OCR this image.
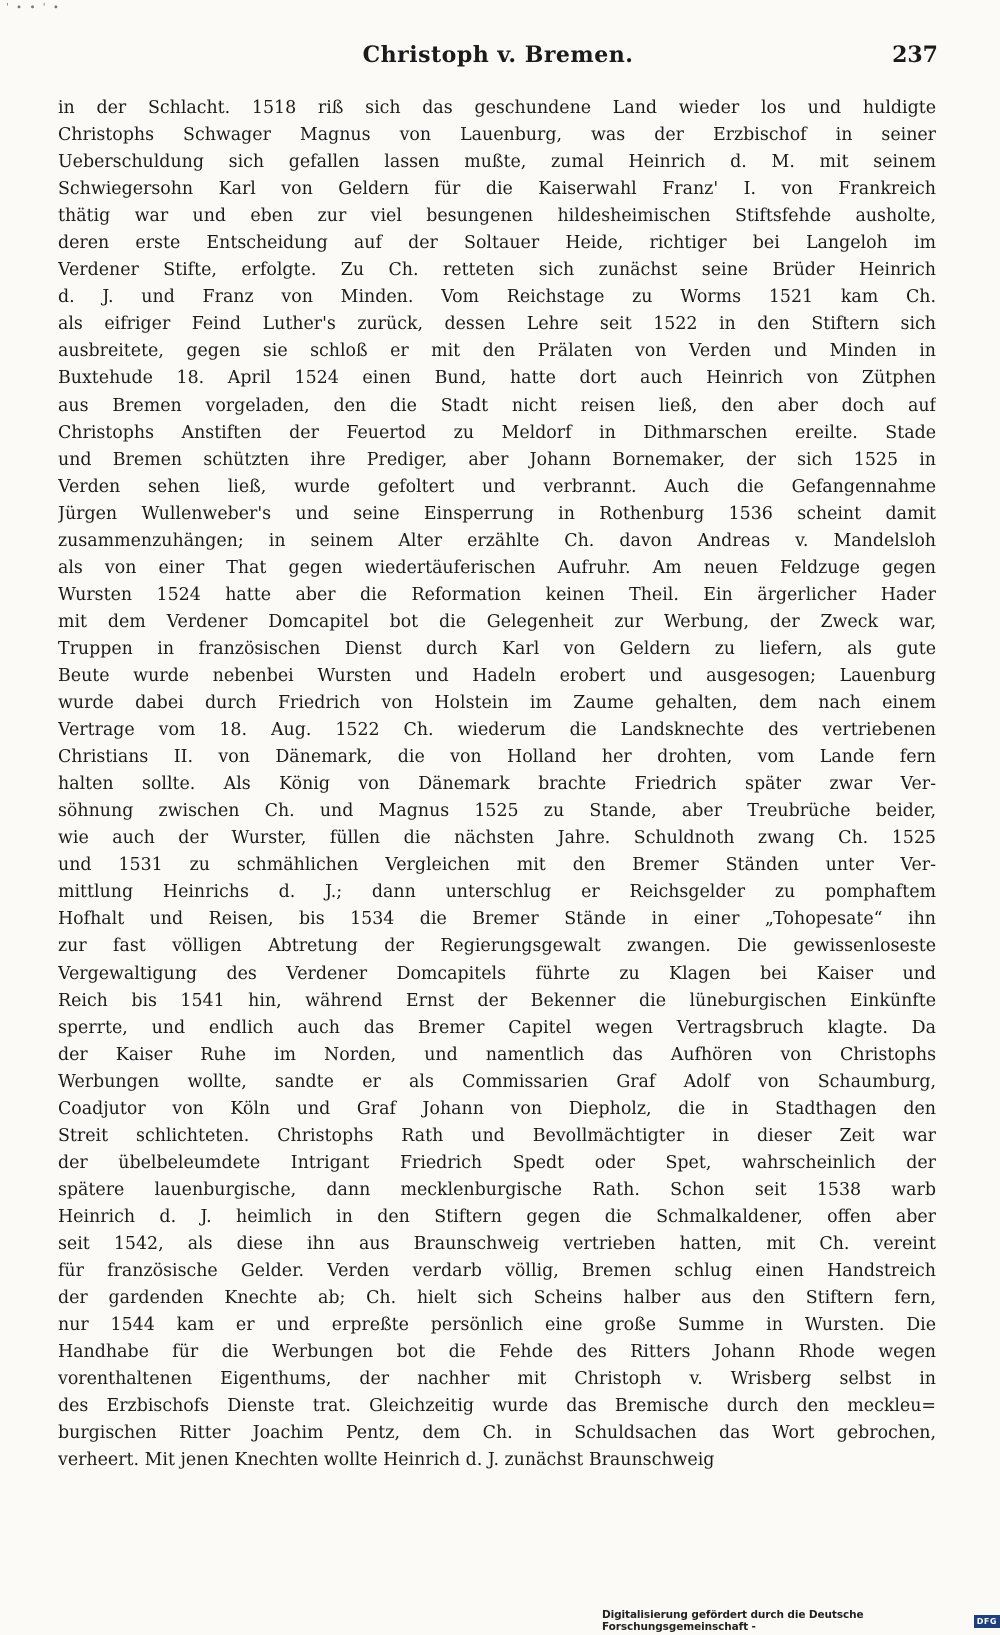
' ∙ ∙ ' ∙
Christoph v. Bremen.	237
in der Schlacht. 1518 riß sich das geschundene Land wieder los und huldigte
Christophs Schwager Magnus von Lauenburg, was der Erzbischof in seiner
Ueberschuldung sich gefallen lassen mußte, zumal Heinrich d. M. mit seinem
Schwiegersohn Karl von Geldern für die Kaiserwahl Franz' I. von Frankreich
thätig war und eben zur viel besungenen hildesheimischen Stiftsfehde ausholte,
deren erste Entscheidung auf der Soltauer Heide, richtiger bei Langeloh im
Verdener Stifte, erfolgte. Zu Ch. retteten sich zunächst seine Brüder Heinrich
d. J. und Franz von Minden. Vom Reichstage zu Worms 1521 kam Ch.
als eifriger Feind Luther's zurück, dessen Lehre seit 1522 in den Stiftern sich
ausbreitete, gegen sie schloß er mit den Prälaten von Verden und Minden in
Buxtehude 18. April 1524 einen Bund, hatte dort auch Heinrich von Zütphen
aus Bremen vorgeladen, den die Stadt nicht reisen ließ, den aber doch auf
Christophs Anstiften der Feuertod zu Meldorf in Dithmarschen ereilte. Stade
und Bremen schützten ihre Prediger, aber Johann Bornemaker, der sich 1525 in
Verden sehen ließ, wurde gefoltert und verbrannt. Auch die Gefangennahme
Jürgen Wullenweber's und seine Einsperrung in Rothenburg 1536 scheint damit
zusammenzuhängen; in seinem Alter erzählte Ch. davon Andreas v. Mandelsloh
als von einer That gegen wiedertäuferischen Aufruhr. Am neuen Feldzuge gegen
Wursten 1524 hatte aber die Reformation keinen Theil. Ein ärgerlicher Hader
mit dem Verdener Domcapitel bot die Gelegenheit zur Werbung, der Zweck war,
Truppen in französischen Dienst durch Karl von Geldern zu liefern, als gute
Beute wurde nebenbei Wursten und Hadeln erobert und ausgesogen; Lauenburg
wurde dabei durch Friedrich von Holstein im Zaume gehalten, dem nach einem
Vertrage vom 18. Aug. 1522 Ch. wiederum die Landsknechte des vertriebenen
Christians II. von Dänemark, die von Holland her drohten, vom Lande fern
halten sollte. Als König von Dänemark brachte Friedrich später zwar Ver-
söhnung zwischen Ch. und Magnus 1525 zu Stande, aber Treubrüche beider,
wie auch der Wurster, füllen die nächsten Jahre. Schuldnoth zwang Ch. 1525
und 1531 zu schmählichen Vergleichen mit den Bremer Ständen unter Ver-
mittlung Heinrichs d. J.; dann unterschlug er Reichsgelder zu pomphaftem
Hofhalt und Reisen, bis 1534 die Bremer Stände in einer „Tohopesate“ ihn
zur fast völligen Abtretung der Regierungsgewalt zwangen. Die gewissenloseste
Vergewaltigung des Verdener Domcapitels führte zu Klagen bei Kaiser und
Reich bis 1541 hin, während Ernst der Bekenner die lüneburgischen Einkünfte
sperrte, und endlich auch das Bremer Capitel wegen Vertragsbruch klagte. Da
der Kaiser Ruhe im Norden, und namentlich das Aufhören von Christophs
Werbungen wollte, sandte er als Commissarien Graf Adolf von Schaumburg,
Coadjutor von Köln und Graf Johann von Diepholz, die in Stadthagen den
Streit schlichteten. Christophs Rath und Bevollmächtigter in dieser Zeit war
der übelbeleumdete Intrigant Friedrich Spedt oder Spet, wahrscheinlich der
spätere lauenburgische, dann mecklenburgische Rath. Schon seit 1538 warb
Heinrich d. J. heimlich in den Stiftern gegen die Schmalkaldener, offen aber
seit 1542, als diese ihn aus Braunschweig vertrieben hatten, mit Ch. vereint
für französische Gelder. Verden verdarb völlig, Bremen schlug einen Handstreich
der gardenden Knechte ab; Ch. hielt sich Scheins halber aus den Stiftern fern,
nur 1544 kam er und erpreßte persönlich eine große Summe in Wursten. Die
Handhabe für die Werbungen bot die Fehde des Ritters Johann Rhode wegen
vorenthaltenen Eigenthums, der nachher mit Christoph v. Wrisberg selbst in
des Erzbischofs Dienste trat. Gleichzeitig wurde das Bremische durch den meckleu=
burgischen Ritter Joachim Pentz, dem Ch. in Schuldsachen das Wort gebrochen,
verheert. Mit jenen Knechten wollte Heinrich d. J. zunächst Braunschweig
Digitalisierung gefördert durch die Deutsche Forschungsgemeinschaft -	DFG
